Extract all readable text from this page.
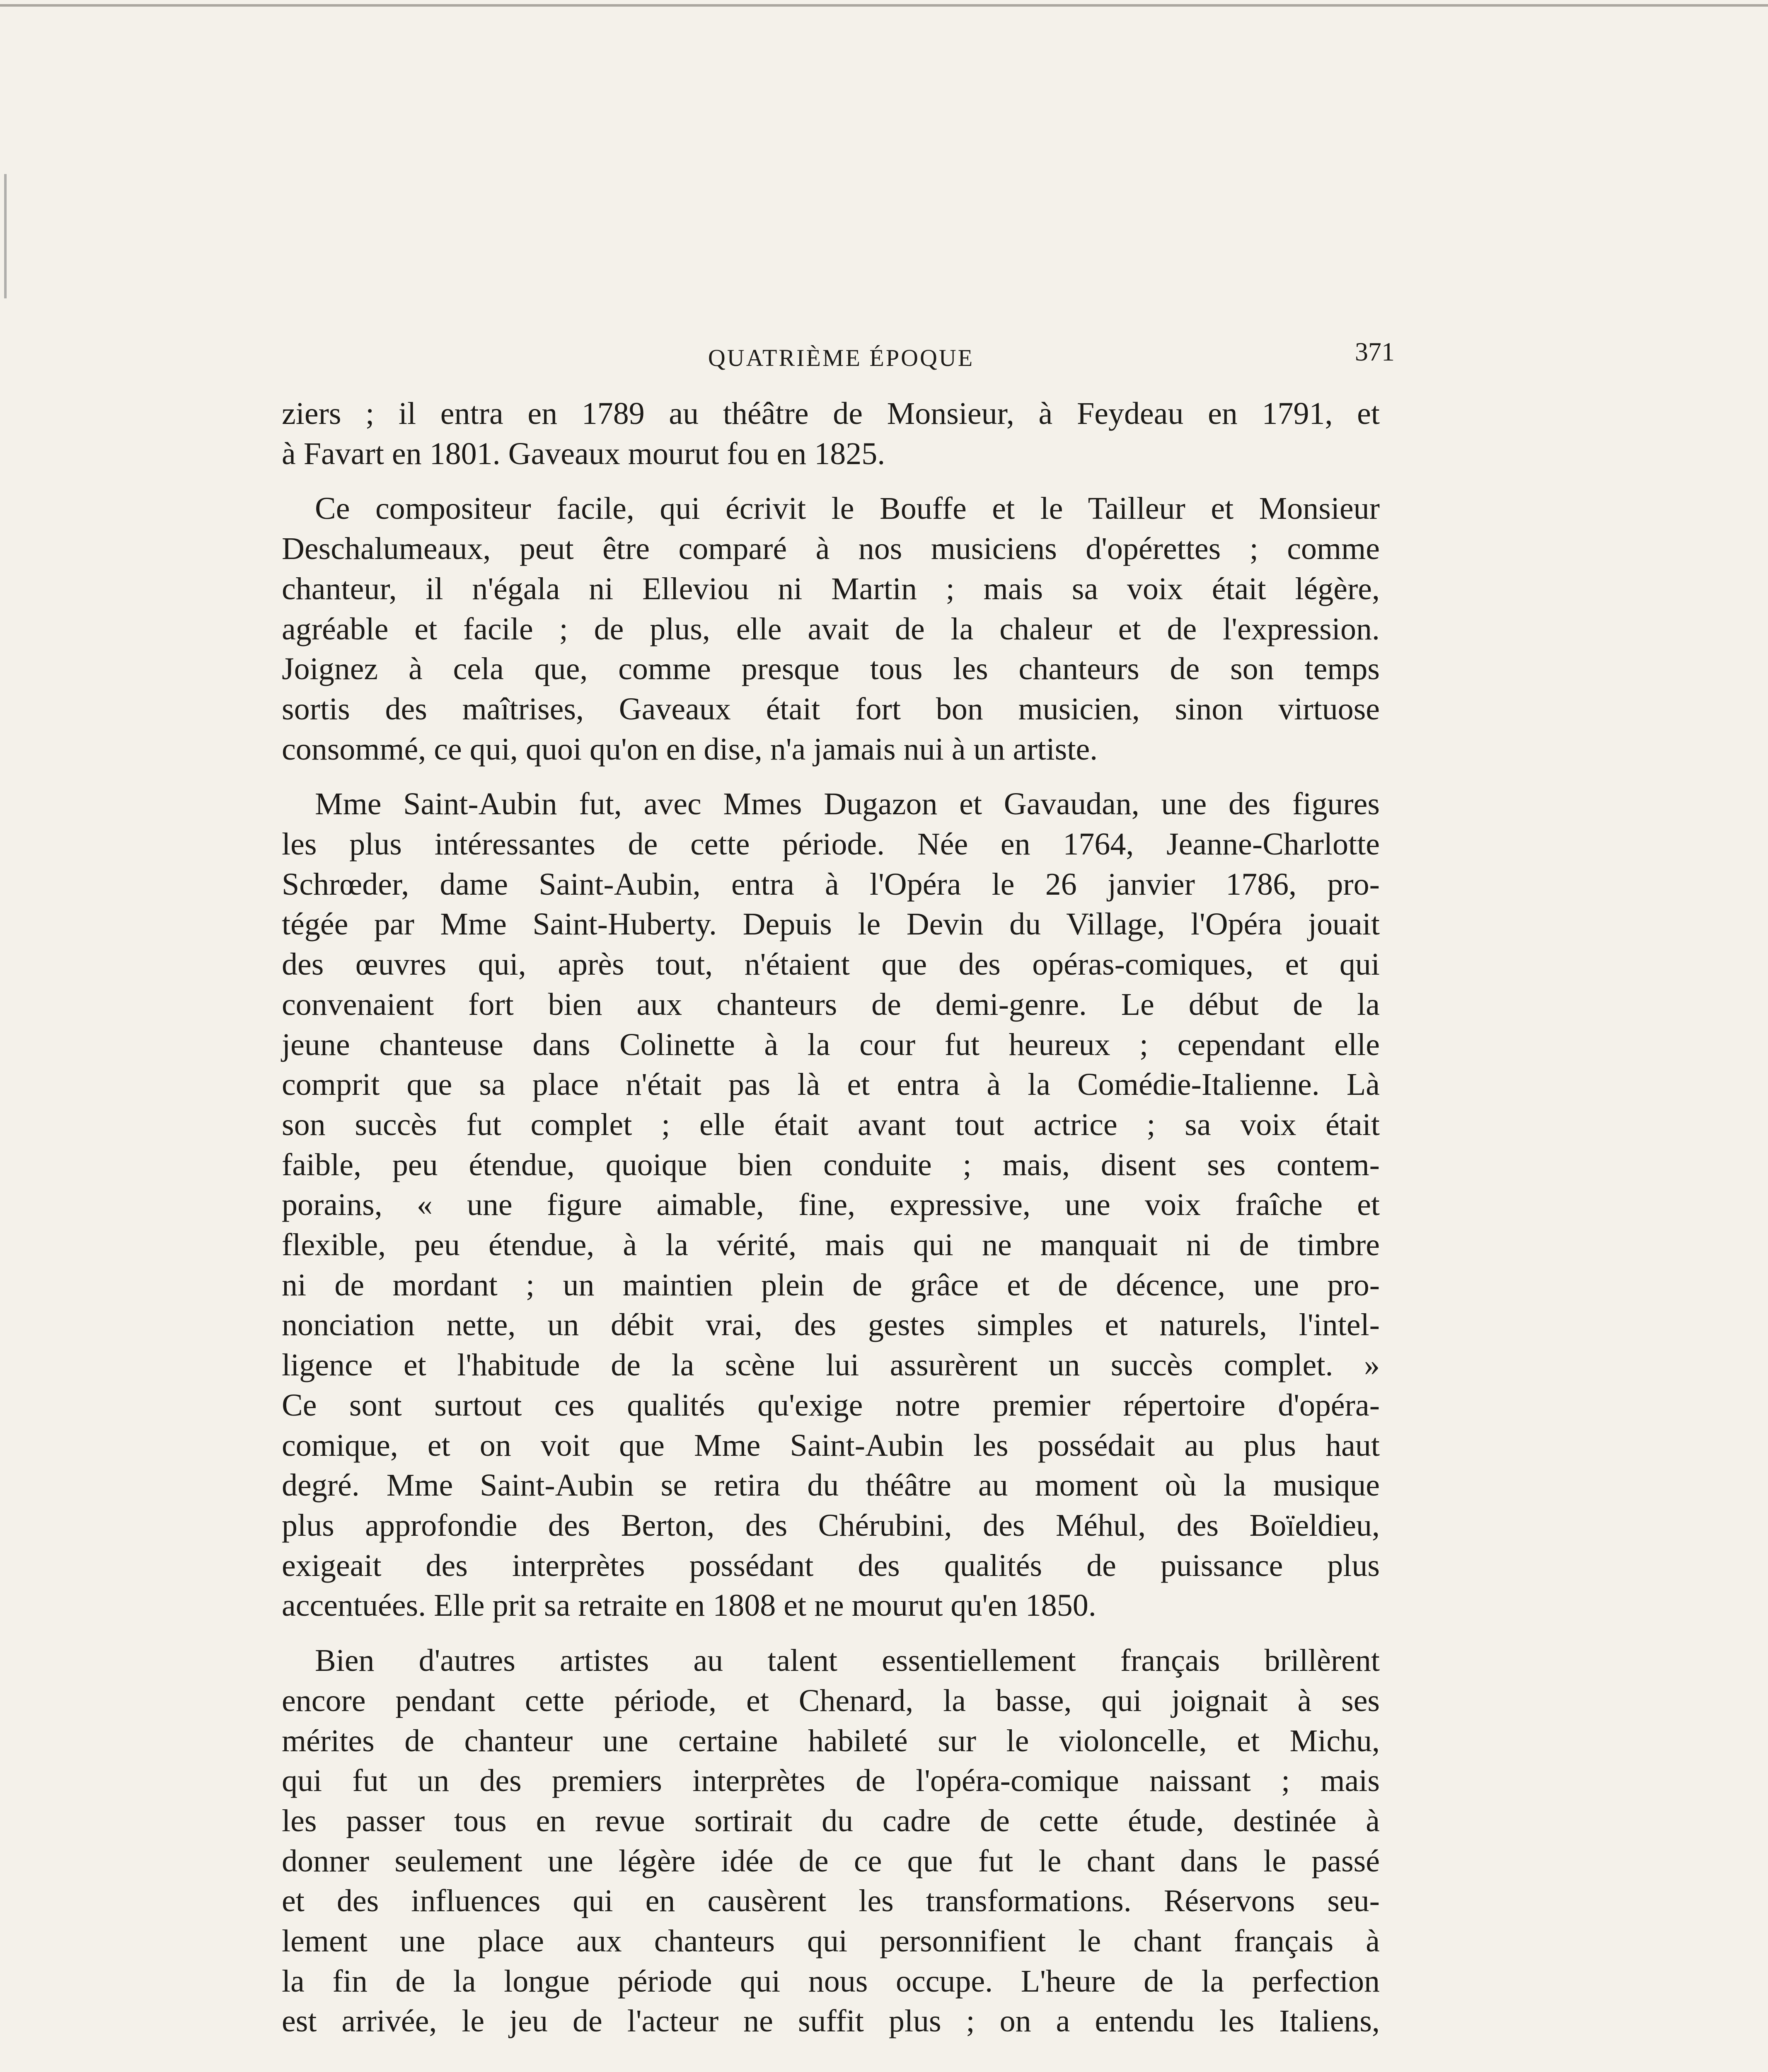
QUATRIÈME ÉPOQUE	371
ziers ; il entra en 1789 au théâtre de Monsieur, à Feydeau en 1791, et
à Favart en 1801. Gaveaux mourut fou en 1825.
Ce compositeur facile, qui écrivit le Bouffe et le Tailleur et Monsieur
Deschalumeaux, peut être comparé à nos musiciens d'opérettes ; comme
chanteur, il n'égala ni Elleviou ni Martin ; mais sa voix était légère,
agréable et facile ; de plus, elle avait de la chaleur et de l'expression.
Joignez à cela que, comme presque tous les chanteurs de son temps
sortis des maîtrises, Gaveaux était fort bon musicien, sinon virtuose
consommé, ce qui, quoi qu'on en dise, n'a jamais nui à un artiste.
Mme Saint-Aubin fut, avec Mmes Dugazon et Gavaudan, une des figures
les plus intéressantes de cette période. Née en 1764, Jeanne-Charlotte
Schrœder, dame Saint-Aubin, entra à l'Opéra le 26 janvier 1786, pro-
tégée par Mme Saint-Huberty. Depuis le Devin du Village, l'Opéra jouait
des œuvres qui, après tout, n'étaient que des opéras-comiques, et qui
convenaient fort bien aux chanteurs de demi-genre. Le début de la
jeune chanteuse dans Colinette à la cour fut heureux ; cependant elle
comprit que sa place n'était pas là et entra à la Comédie-Italienne. Là
son succès fut complet ; elle était avant tout actrice ; sa voix était
faible, peu étendue, quoique bien conduite ; mais, disent ses contem-
porains, « une figure aimable, fine, expressive, une voix fraîche et
flexible, peu étendue, à la vérité, mais qui ne manquait ni de timbre
ni de mordant ; un maintien plein de grâce et de décence, une pro-
nonciation nette, un débit vrai, des gestes simples et naturels, l'intel-
ligence et l'habitude de la scène lui assurèrent un succès complet. »
Ce sont surtout ces qualités qu'exige notre premier répertoire d'opéra-
comique, et on voit que Mme Saint-Aubin les possédait au plus haut
degré. Mme Saint-Aubin se retira du théâtre au moment où la musique
plus approfondie des Berton, des Chérubini, des Méhul, des Boïeldieu,
exigeait des interprètes possédant des qualités de puissance plus
accentuées. Elle prit sa retraite en 1808 et ne mourut qu'en 1850.
Bien d'autres artistes au talent essentiellement français brillèrent
encore pendant cette période, et Chenard, la basse, qui joignait à ses
mérites de chanteur une certaine habileté sur le violoncelle, et Michu,
qui fut un des premiers interprètes de l'opéra-comique naissant ; mais
les passer tous en revue sortirait du cadre de cette étude, destinée à
donner seulement une légère idée de ce que fut le chant dans le passé
et des influences qui en causèrent les transformations. Réservons seu-
lement une place aux chanteurs qui personnifient le chant français à
la fin de la longue période qui nous occupe. L'heure de la perfection
est arrivée, le jeu de l'acteur ne suffit plus ; on a entendu les Italiens,
